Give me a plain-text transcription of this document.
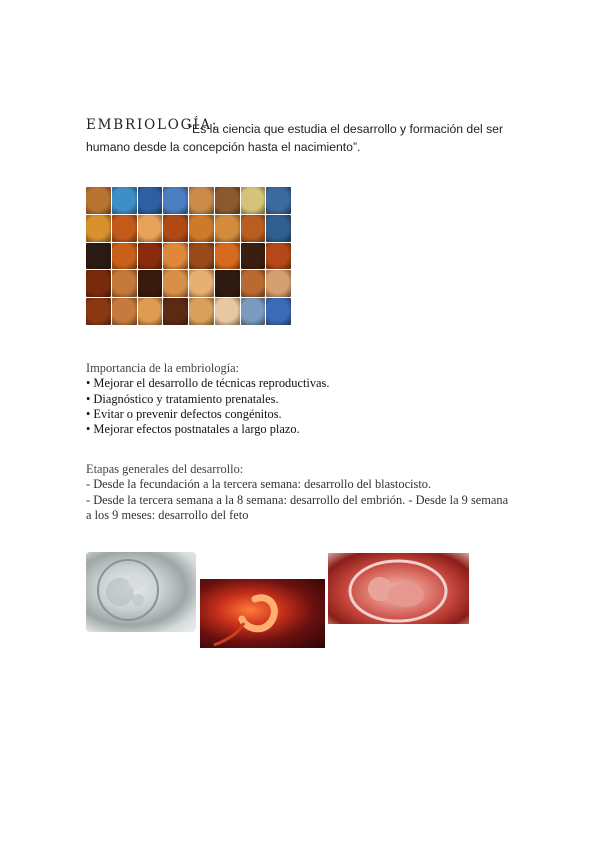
EMBRIOLOGÍA:
“Es la ciencia que estudia el desarrollo y formación del ser humano desde la concepción hasta el nacimiento”.
Importancia de la embriología:
• Mejorar el desarrollo de técnicas reproductivas.
• Diagnóstico y tratamiento prenatales.
• Evitar o prevenir defectos congénitos.
• Mejorar efectos postnatales a largo plazo.
Etapas generales del desarrollo:
- Desde la fecundación a la tercera semana: desarrollo del blastocisto.
- Desde la tercera semana a la 8 semana: desarrollo del embrión. - Desde la 9 semana a los 9 meses: desarrollo del feto
